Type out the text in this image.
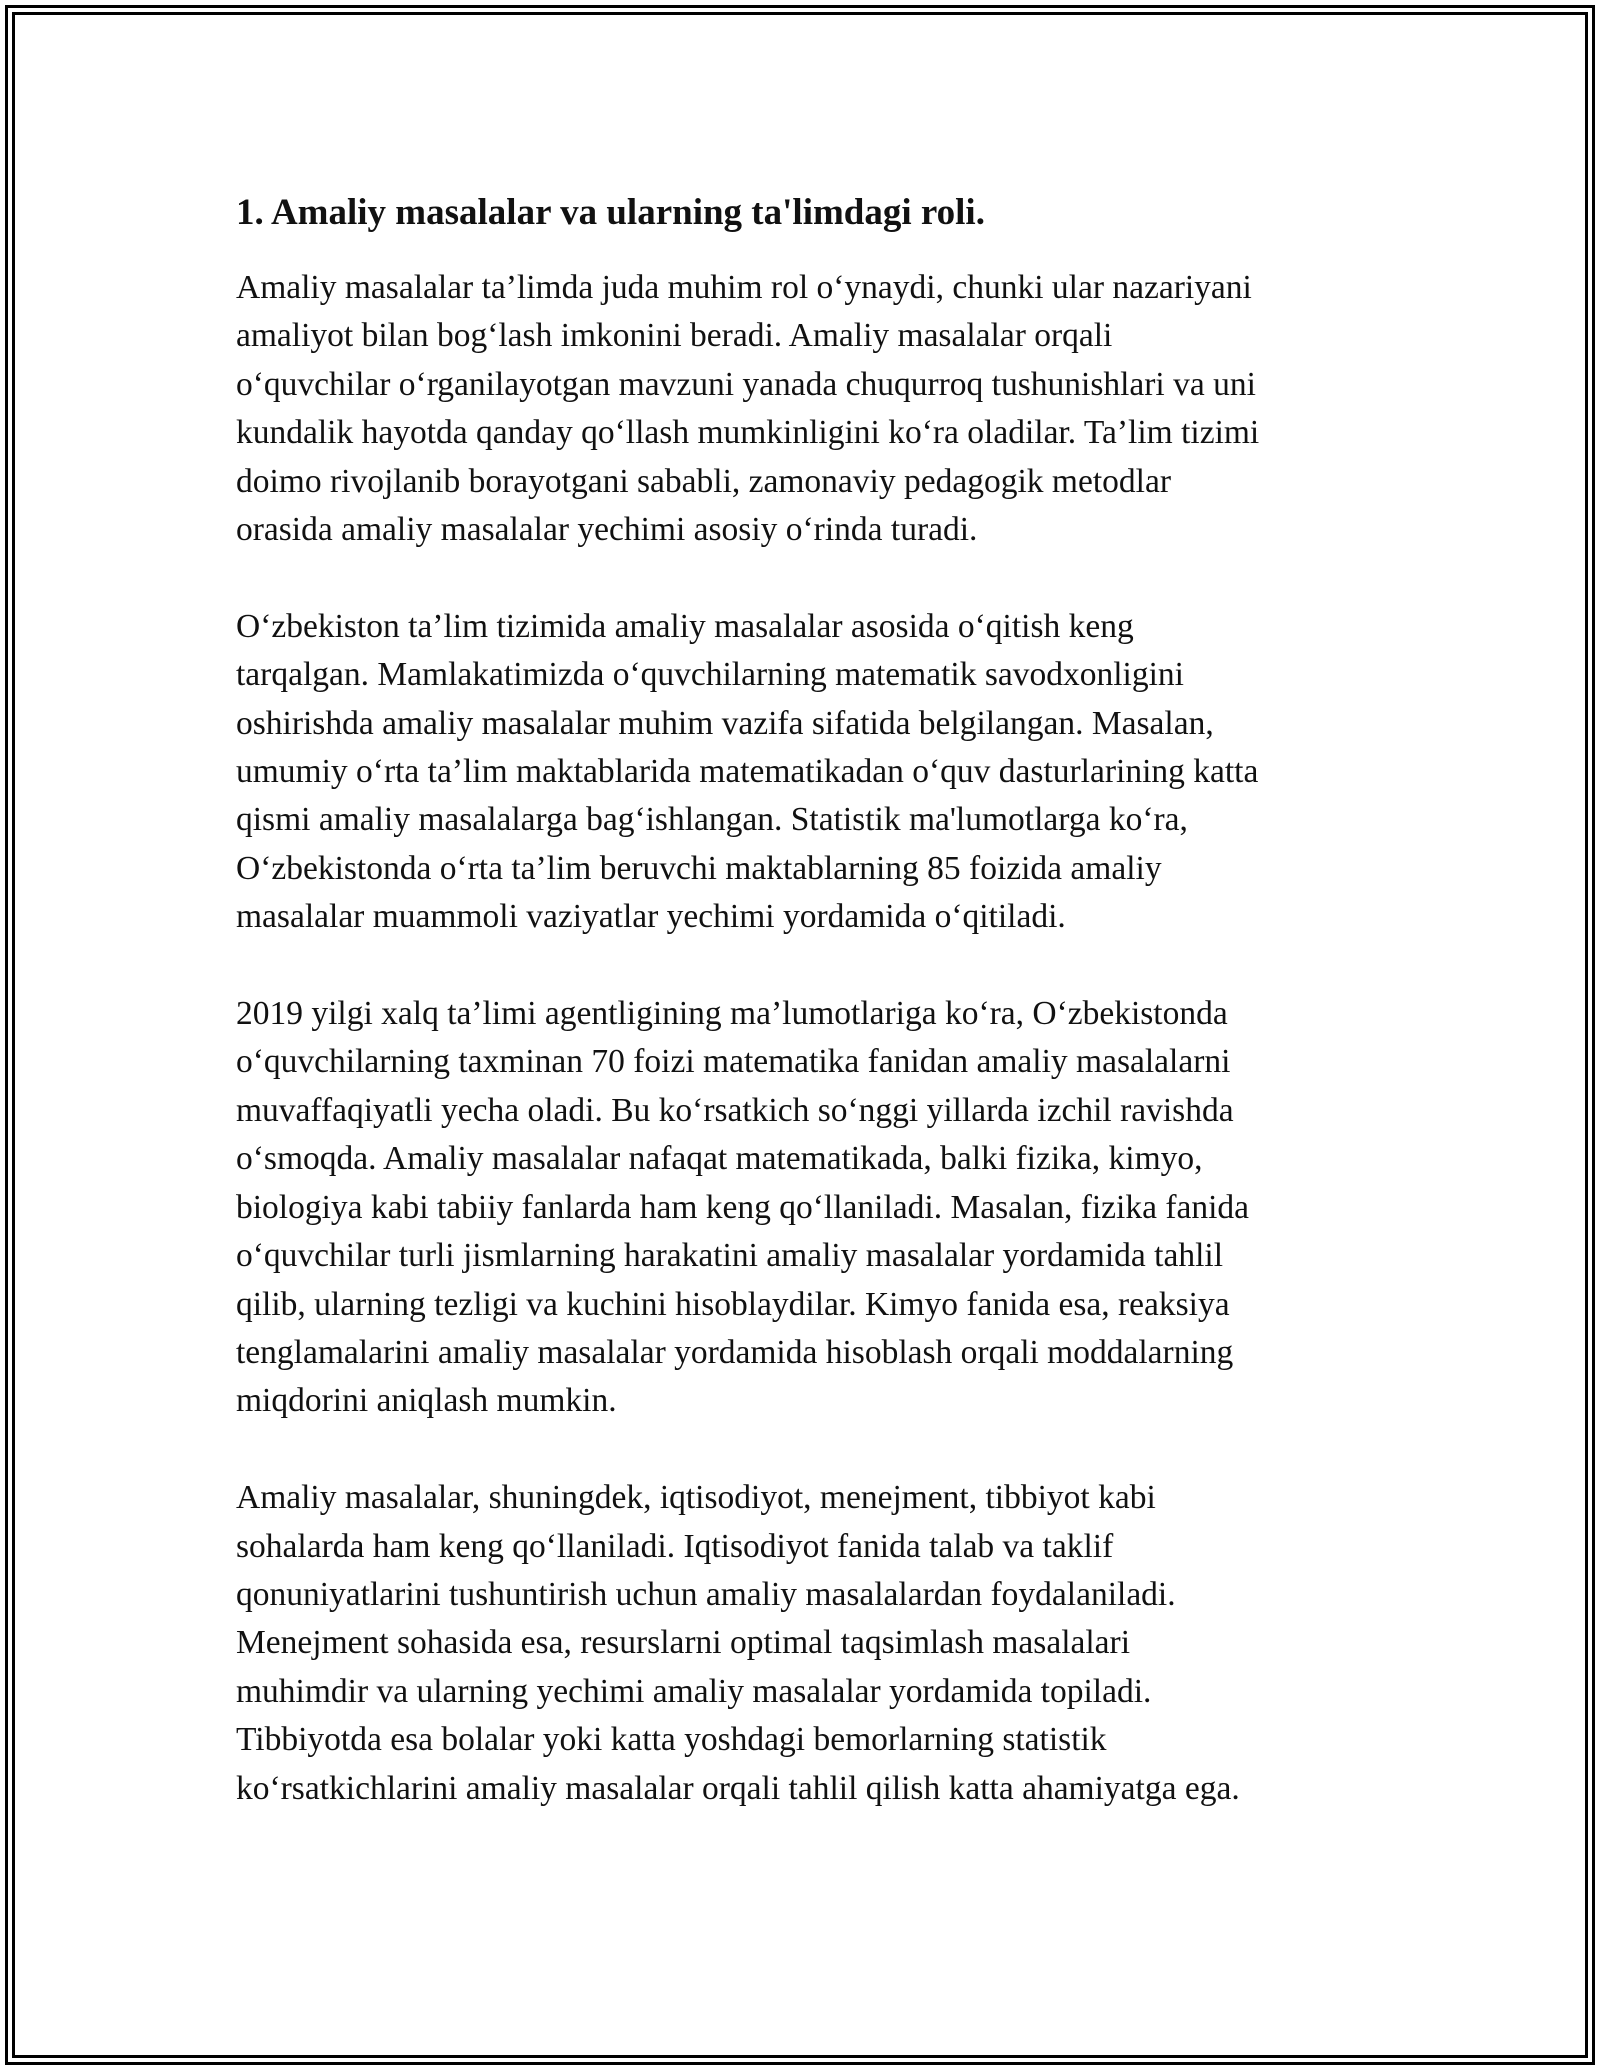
1. Amaliy masalalar va ularning ta'limdagi roli.

Amaliy masalalar ta’limda juda muhim rol o‘ynaydi, chunki ular nazariyani
amaliyot bilan bog‘lash imkonini beradi. Amaliy masalalar orqali
o‘quvchilar o‘rganilayotgan mavzuni yanada chuqurroq tushunishlari va uni
kundalik hayotda qanday qo‘llash mumkinligini ko‘ra oladilar. Ta’lim tizimi
doimo rivojlanib borayotgani sababli, zamonaviy pedagogik metodlar
orasida amaliy masalalar yechimi asosiy o‘rinda turadi.

O‘zbekiston ta’lim tizimida amaliy masalalar asosida o‘qitish keng
tarqalgan. Mamlakatimizda o‘quvchilarning matematik savodxonligini
oshirishda amaliy masalalar muhim vazifa sifatida belgilangan. Masalan,
umumiy o‘rta ta’lim maktablarida matematikadan o‘quv dasturlarining katta
qismi amaliy masalalarga bag‘ishlangan. Statistik ma'lumotlarga ko‘ra,
O‘zbekistonda o‘rta ta’lim beruvchi maktablarning 85 foizida amaliy
masalalar muammoli vaziyatlar yechimi yordamida o‘qitiladi.

2019 yilgi xalq ta’limi agentligining ma’lumotlariga ko‘ra, O‘zbekistonda
o‘quvchilarning taxminan 70 foizi matematika fanidan amaliy masalalarni
muvaffaqiyatli yecha oladi. Bu ko‘rsatkich so‘nggi yillarda izchil ravishda
o‘smoqda. Amaliy masalalar nafaqat matematikada, balki fizika, kimyo,
biologiya kabi tabiiy fanlarda ham keng qo‘llaniladi. Masalan, fizika fanida
o‘quvchilar turli jismlarning harakatini amaliy masalalar yordamida tahlil
qilib, ularning tezligi va kuchini hisoblaydilar. Kimyo fanida esa, reaksiya
tenglamalarini amaliy masalalar yordamida hisoblash orqali moddalarning
miqdorini aniqlash mumkin.

Amaliy masalalar, shuningdek, iqtisodiyot, menejment, tibbiyot kabi
sohalarda ham keng qo‘llaniladi. Iqtisodiyot fanida talab va taklif
qonuniyatlarini tushuntirish uchun amaliy masalalardan foydalaniladi.
Menejment sohasida esa, resurslarni optimal taqsimlash masalalari
muhimdir va ularning yechimi amaliy masalalar yordamida topiladi.
Tibbiyotda esa bolalar yoki katta yoshdagi bemorlarning statistik
ko‘rsatkichlarini amaliy masalalar orqali tahlil qilish katta ahamiyatga ega.
